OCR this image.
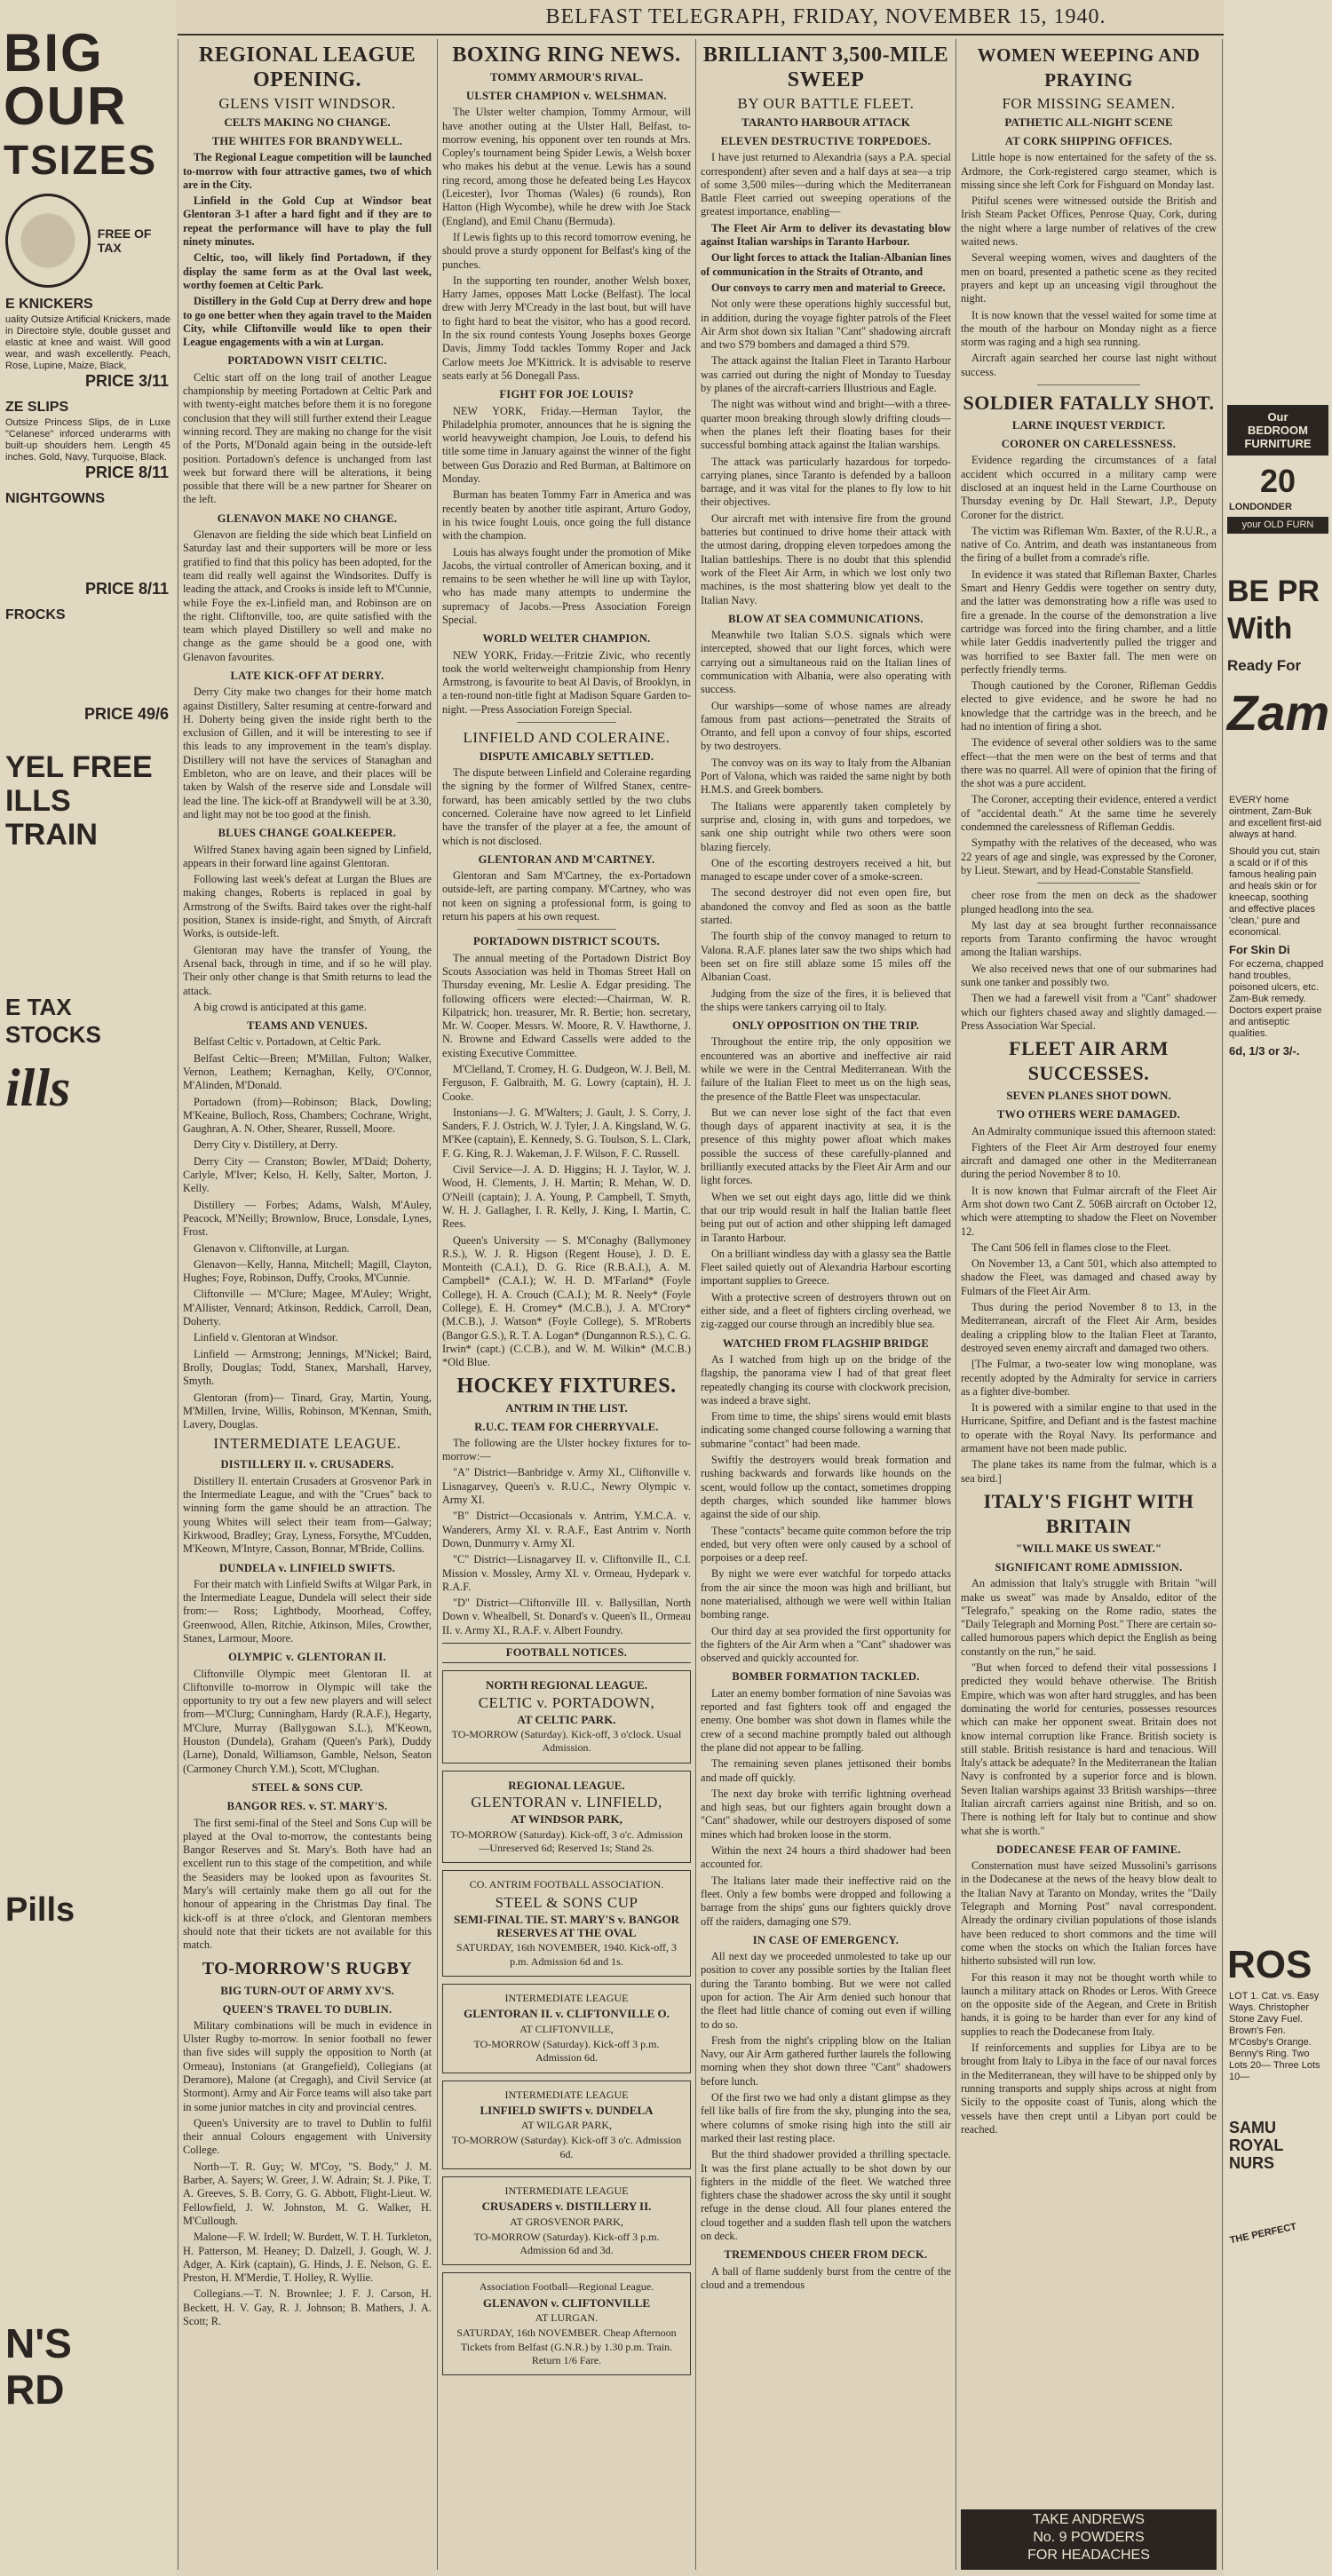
BIG
OUR
TSIZES
FREE OF TAX
E KNICKERS
uality Outsize Artificial Knickers, made in Directoire style, double gusset and elastic at knee and waist. Will good wear, and wash excellently. Peach, Rose, Lupine, Maize, Black,
PRICE 3/11
ZE SLIPS
Outsize Princess Slips, de in Luxe "Celanese" inforced underarms with built-up shoulders hem. Length 45 inches. Gold, Navy, Turquoise, Black.
PRICE 8/11
NIGHTGOWNS
PRICE 8/11
FROCKS
PRICE 49/6
YEL FREE
ILLS
TRAIN
E TAX
STOCKS
ills
Pills
N'S
RD
BELFAST TELEGRAPH, FRIDAY, NOVEMBER 15, 1940.
REGIONAL LEAGUE OPENING.
GLENS VISIT WINDSOR.
CELTS MAKING NO CHANGE.
THE WHITES FOR BRANDYWELL.

The Regional League competition will be launched to-morrow with four attractive games, two of which are in the City.

Linfield in the Gold Cup at Windsor beat Glentoran 3-1 after a hard fight and if they are to repeat the performance will have to play the full ninety minutes.

Celtic, too, will likely find Portadown, if they display the same form as at the Oval last week, worthy foemen at Celtic Park.

Distillery in the Gold Cup at Derry drew and hope to go one better when they again travel to the Maiden City, while Cliftonville would like to open their League engagements with a win at Lurgan.

PORTADOWN VISIT CELTIC.

Celtic start off on the long trail of another League championship by meeting Portadown at Celtic Park and with twenty-eight matches before them it is no foregone conclusion that they will still further extend their League winning record. They are making no change for the visit of the Ports, M'Donald again being in the outside-left position. Portadown's defence is unchanged from last week but forward there will be alterations, it being possible that there will be a new partner for Shearer on the left.

GLENAVON MAKE NO CHANGE.

Glenavon are fielding the side which beat Linfield on Saturday last and their supporters will be more or less gratified to find that this policy has been adopted, for the team did really well against the Windsorites. Duffy is leading the attack, and Crooks is inside left to M'Cunnie, while Foye the ex-Linfield man, and Robinson are on the right. Cliftonville, too, are quite satisfied with the team which played Distillery so well and make no change as the game should be a good one, with Glenavon favourites.

LATE KICK-OFF AT DERRY.

Derry City make two changes for their home match against Distillery, Salter resuming at centre-forward and H. Doherty being given the inside right berth to the exclusion of Gillen, and it will be interesting to see if this leads to any improvement in the team's display. Distillery will not have the services of Stanaghan and Embleton, who are on leave, and their places will be taken by Walsh of the reserve side and Lonsdale will lead the line. The kick-off at Brandywell will be at 3.30, and light may not be too good at the finish.

BLUES CHANGE GOALKEEPER.

Wilfred Stanex having again been signed by Linfield, appears in their forward line against Glentoran.

Following last week's defeat at Lurgan the Blues are making changes, Roberts is replaced in goal by Armstrong of the Swifts. Baird takes over the right-half position, Stanex is inside-right, and Smyth, of Aircraft Works, is outside-left.

Glentoran may have the transfer of Young, the Arsenal back, through in time, and if so he will play. Their only other change is that Smith returns to lead the attack.

A big crowd is anticipated at this game.

TEAMS AND VENUES.

Belfast Celtic v. Portadown, at Celtic Park.

Belfast Celtic—Breen; M'Millan, Fulton; Walker, Vernon, Leathem; Kernaghan, Kelly, O'Connor, M'Alinden, M'Donald.

Portadown (from)—Robinson; Black, Dowling; M'Keaine, Bulloch, Ross, Chambers; Cochrane, Wright, Gaughran, A. N. Other, Shearer, Russell, Moore.

Derry City v. Distillery, at Derry.

Derry City — Cranston; Bowler, M'Daid; Doherty, Carlyle, M'Iver; Kelso, H. Kelly, Salter, Morton, J. Kelly.

Distillery — Forbes; Adams, Walsh, M'Auley, Peacock, M'Neilly; Brownlow, Bruce, Lonsdale, Lynes, Frost.

Glenavon v. Cliftonville, at Lurgan.

Glenavon—Kelly, Hanna, Mitchell; Magill, Clayton, Hughes; Foye, Robinson, Duffy, Crooks, M'Cunnie.

Cliftonville — M'Clure; Magee, M'Auley; Wright, M'Allister, Vennard; Atkinson, Reddick, Carroll, Dean, Doherty.

Linfield v. Glentoran at Windsor.

Linfield — Armstrong; Jennings, M'Nickel; Baird, Brolly, Douglas; Todd, Stanex, Marshall, Harvey, Smyth.

Glentoran (from)— Tinard, Gray, Martin, Young, M'Millen, Irvine, Willis, Robinson, M'Kennan, Smith, Lavery, Douglas.

INTERMEDIATE LEAGUE.
DISTILLERY II. v. CRUSADERS.

Distillery II. entertain Crusaders at Grosvenor Park in the Intermediate League, and with the "Crues" back to winning form the game should be an attraction. The young Whites will select their team from—Galway; Kirkwood, Bradley; Gray, Lyness, Forsythe, M'Cudden, M'Keown, M'Intyre, Casson, Bonnar, M'Bride, Collins.

DUNDELA v. LINFIELD SWIFTS.

For their match with Linfield Swifts at Wilgar Park, in the Intermediate League, Dundela will select their side from:— Ross; Lightbody, Moorhead, Coffey, Greenwood, Allen, Ritchie, Atkinson, Miles, Crowther, Stanex, Larmour, Moore.

OLYMPIC v. GLENTORAN II.

Cliftonville Olympic meet Glentoran II. at Cliftonville to-morrow in Olympic will take the opportunity to try out a few new players and will select from—M'Clurg; Cunningham, Hardy (R.A.F.), Hegarty, M'Clure, Murray (Ballygowan S.L.), M'Keown, Houston (Dundela), Graham (Queen's Park), Duddy (Larne), Donald, Williamson, Gamble, Nelson, Seaton (Carmoney Church Y.M.), Scott, M'Clughan.

STEEL & SONS CUP.
BANGOR RES. v. ST. MARY'S.

The first semi-final of the Steel and Sons Cup will be played at the Oval to-morrow, the contestants being Bangor Reserves and St. Mary's. Both have had an excellent run to this stage of the competition, and while the Seasiders may be looked upon as favourites St. Mary's will certainly make them go all out for the honour of appearing in the Christmas Day final. The kick-off is at three o'clock, and Glentoran members should note that their tickets are not available for this match.

TO-MORROW'S RUGBY
BIG TURN-OUT OF ARMY XV'S.
QUEEN'S TRAVEL TO DUBLIN.

Military combinations will be much in evidence in Ulster Rugby to-morrow. In senior football no fewer than five sides will supply the opposition to North (at Ormeau), Instonians (at Grangefield), Collegians (at Deramore), Malone (at Cregagh), and Civil Service (at Stormont). Army and Air Force teams will also take part in some junior matches in city and provincial centres.

Queen's University are to travel to Dublin to fulfil their annual Colours engagement with University College.

North—T. R. Guy; W. M'Coy, "S. Body," J. M. Barber, A. Sayers; W. Greer, J. W. Adrain; St. J. Pike, T. A. Greeves, S. B. Corry, G. G. Abbott, Flight-Lieut. W. Fellowfield, J. W. Johnston, M. G. Walker, H. M'Cullough.

Malone—F. W. Irdell; W. Burdett, W. T. H. Turkleton, H. Patterson, M. Heaney; D. Dalzell, J. Gough, W. J. Adger, A. Kirk (captain), G. Hinds, J. E. Nelson, G. E. Preston, H. M'Merdie, T. Holley, R. Wyllie.

Collegians.—T. N. Brownlee; J. F. J. Carson, H. Beckett, H. V. Gay, R. J. Johnson; B. Mathers, J. A. Scott; R.

BOXING RING NEWS.
TOMMY ARMOUR'S RIVAL.
ULSTER CHAMPION v. WELSHMAN.

The Ulster welter champion, Tommy Armour, will have another outing at the Ulster Hall, Belfast, to-morrow evening, his opponent over ten rounds at Mrs. Copley's tournament being Spider Lewis, a Welsh boxer who makes his debut at the venue. Lewis has a sound ring record, among those he defeated being Les Haycox (Leicester), Ivor Thomas (Wales) (6 rounds), Ron Hatton (High Wycombe), while he drew with Joe Stack (England), and Emil Chanu (Bermuda).

If Lewis fights up to this record tomorrow evening, he should prove a sturdy opponent for Belfast's king of the punches.

In the supporting ten rounder, another Welsh boxer, Harry James, opposes Matt Locke (Belfast). The local drew with Jerry M'Cready in the last bout, but will have to fight hard to beat the visitor, who has a good record. In the six round contests Young Josephs boxes George Davis, Jimmy Todd tackles Tommy Roper and Jack Carlow meets Joe M'Kittrick. It is advisable to reserve seats early at 56 Donegall Pass.

FIGHT FOR JOE LOUIS?

NEW YORK, Friday.—Herman Taylor, the Philadelphia promoter, announces that he is signing the world heavyweight champion, Joe Louis, to defend his title some time in January against the winner of the fight between Gus Dorazio and Red Burman, at Baltimore on Monday.

Burman has beaten Tommy Farr in America and was recently beaten by another title aspirant, Arturo Godoy, in his twice fought Louis, once going the full distance with the champion.

Louis has always fought under the promotion of Mike Jacobs, the virtual controller of American boxing, and it remains to be seen whether he will line up with Taylor, who has made many attempts to undermine the supremacy of Jacobs.—Press Association Foreign Special.

WORLD WELTER CHAMPION.

NEW YORK, Friday.—Fritzie Zivic, who recently took the world welterweight championship from Henry Armstrong, is favourite to beat Al Davis, of Brooklyn, in a ten-round non-title fight at Madison Square Garden to-night. —Press Association Foreign Special.

LINFIELD AND COLERAINE.
DISPUTE AMICABLY SETTLED.

The dispute between Linfield and Coleraine regarding the signing by the former of Wilfred Stanex, centre-forward, has been amicably settled by the two clubs concerned. Coleraine have now agreed to let Linfield have the transfer of the player at a fee, the amount of which is not disclosed.

GLENTORAN AND M'CARTNEY.

Glentoran and Sam M'Cartney, the ex-Portadown outside-left, are parting company. M'Cartney, who was not keen on signing a professional form, is going to return his papers at his own request.

PORTADOWN DISTRICT SCOUTS.

The annual meeting of the Portadown District Boy Scouts Association was held in Thomas Street Hall on Thursday evening, Mr. Leslie A. Edgar presiding. The following officers were elected:—Chairman, W. R. Kilpatrick; hon. treasurer, Mr. R. Bertie; hon. secretary, Mr. W. Cooper. Messrs. W. Moore, R. V. Hawthorne, J. N. Browne and Edward Cassells were added to the existing Executive Committee.

M'Clelland, T. Cromey, H. G. Dudgeon, W. J. Bell, M. Ferguson, F. Galbraith, M. G. Lowry (captain), H. J. Cooke.

Instonians—J. G. M'Walters; J. Gault, J. S. Corry, J. Sanders, F. J. Ostrich, W. J. Tyler, J. A. Kingsland, W. G. M'Kee (captain), E. Kennedy, S. G. Toulson, S. L. Clark, F. G. King, R. J. Wakeman, J. F. Wilson, F. C. Russell.

Civil Service—J. A. D. Higgins; H. J. Taylor, W. J. Wood, H. Clements, J. H. Martin; R. Mehan, W. D. O'Neill (captain); J. A. Young, P. Campbell, T. Smyth, W. H. J. Gallagher, I. R. Kelly, J. King, I. Martin, C. Rees.

Queen's University — S. M'Conaghy (Ballymoney R.S.), W. J. R. Higson (Regent House), J. D. E. Monteith (C.A.I.), D. G. Rice (R.B.A.I.), A. M. Campbell* (C.A.I.); W. H. D. M'Farland* (Foyle College), H. A. Crouch (C.A.I.); M. R. Neely* (Foyle College), E. H. Cromey* (M.C.B.), J. A. M'Crory* (M.C.B.), J. Watson* (Foyle College), S. M'Roberts (Bangor G.S.), R. T. A. Logan* (Dungannon R.S.), C. G. Irwin* (capt.) (C.C.B.), and W. M. Wilkin* (M.C.B.) *Old Blue.

HOCKEY FIXTURES.
ANTRIM IN THE LIST.
R.U.C. TEAM FOR CHERRYVALE.

The following are the Ulster hockey fixtures for to-morrow:—

"A" District—Banbridge v. Army XI., Cliftonville v. Lisnagarvey, Queen's v. R.U.C., Newry Olympic v. Army XI.

"B" District—Occasionals v. Antrim, Y.M.C.A. v. Wanderers, Army XI. v. R.A.F., East Antrim v. North Down, Dunmurry v. Army XI.

"C" District—Lisnagarvey II. v. Cliftonville II., C.I. Mission v. Mossley, Army XI. v. Ormeau, Hydepark v. R.A.F.

"D" District—Cliftonville III. v. Ballysillan, North Down v. Whealbell, St. Donard's v. Queen's II., Ormeau II. v. Army XI., R.A.F. v. Albert Foundry.

FOOTBALL NOTICES.
NORTH REGIONAL LEAGUE.
CELTIC v. PORTADOWN,
AT CELTIC PARK.
TO-MORROW (Saturday). Kick-off, 3 o'clock. Usual Admission.
REGIONAL LEAGUE.
GLENTORAN v. LINFIELD,
AT WINDSOR PARK,
TO-MORROW (Saturday). Kick-off, 3 o'c. Admission—Unreserved 6d; Reserved 1s; Stand 2s.
CO. ANTRIM FOOTBALL ASSOCIATION.
STEEL & SONS CUP
SEMI-FINAL TIE. ST. MARY'S v. BANGOR RESERVES AT THE OVAL
SATURDAY, 16th NOVEMBER, 1940. Kick-off, 3 p.m. Admission 6d and 1s.
INTERMEDIATE LEAGUE
GLENTORAN II. v. CLIFTONVILLE O.
AT CLIFTONVILLE,
TO-MORROW (Saturday). Kick-off 3 p.m. Admission 6d.
INTERMEDIATE LEAGUE
LINFIELD SWIFTS v. DUNDELA
AT WILGAR PARK,
TO-MORROW (Saturday). Kick-off 3 o'c. Admission 6d.
INTERMEDIATE LEAGUE
CRUSADERS v. DISTILLERY II.
AT GROSVENOR PARK,
TO-MORROW (Saturday). Kick-off 3 p.m. Admission 6d and 3d.
Association Football—Regional League.
GLENAVON v. CLIFTONVILLE
AT LURGAN.
SATURDAY, 16th NOVEMBER. Cheap Afternoon Tickets from Belfast (G.N.R.) by 1.30 p.m. Train. Return 1/6 Fare.
BRILLIANT 3,500-MILE SWEEP
BY OUR BATTLE FLEET.
TARANTO HARBOUR ATTACK
ELEVEN DESTRUCTIVE TORPEDOES.

I have just returned to Alexandria (says a P.A. special correspondent) after seven and a half days at sea—a trip of some 3,500 miles—during which the Mediterranean Battle Fleet carried out sweeping operations of the greatest importance, enabling—

The Fleet Air Arm to deliver its devastating blow against Italian warships in Taranto Harbour.

Our light forces to attack the Italian-Albanian lines of communication in the Straits of Otranto, and

Our convoys to carry men and material to Greece.

Not only were these operations highly successful but, in addition, during the voyage fighter patrols of the Fleet Air Arm shot down six Italian "Cant" shadowing aircraft and two S79 bombers and damaged a third S79.

The attack against the Italian Fleet in Taranto Harbour was carried out during the night of Monday to Tuesday by planes of the aircraft-carriers Illustrious and Eagle.

The night was without wind and bright—with a three-quarter moon breaking through slowly drifting clouds—when the planes left their floating bases for their successful bombing attack against the Italian warships.

The attack was particularly hazardous for torpedo-carrying planes, since Taranto is defended by a balloon barrage, and it was vital for the planes to fly low to hit their objectives.

Our aircraft met with intensive fire from the ground batteries but continued to drive home their attack with the utmost daring, dropping eleven torpedoes among the Italian battleships. There is no doubt that this splendid work of the Fleet Air Arm, in which we lost only two machines, is the most shattering blow yet dealt to the Italian Navy.

BLOW AT SEA COMMUNICATIONS.

Meanwhile two Italian S.O.S. signals which were intercepted, showed that our light forces, which were carrying out a simultaneous raid on the Italian lines of communication with Albania, were also operating with success.

Our warships—some of whose names are already famous from past actions—penetrated the Straits of Otranto, and fell upon a convoy of four ships, escorted by two destroyers.

The convoy was on its way to Italy from the Albanian Port of Valona, which was raided the same night by both H.M.S. and Greek bombers.

The Italians were apparently taken completely by surprise and, closing in, with guns and torpedoes, we sank one ship outright while two others were soon blazing fiercely.

One of the escorting destroyers received a hit, but managed to escape under cover of a smoke-screen.

The second destroyer did not even open fire, but abandoned the convoy and fled as soon as the battle started.

The fourth ship of the convoy managed to return to Valona. R.A.F. planes later saw the two ships which had been set on fire still ablaze some 15 miles off the Albanian Coast.

Judging from the size of the fires, it is believed that the ships were tankers carrying oil to Italy.

ONLY OPPOSITION ON THE TRIP.

Throughout the entire trip, the only opposition we encountered was an abortive and ineffective air raid while we were in the Central Mediterranean. With the failure of the Italian Fleet to meet us on the high seas, the presence of the Battle Fleet was unspectacular.

But we can never lose sight of the fact that even though days of apparent inactivity at sea, it is the presence of this mighty power afloat which makes possible the success of these carefully-planned and brilliantly executed attacks by the Fleet Air Arm and our light forces.

When we set out eight days ago, little did we think that our trip would result in half the Italian battle fleet being put out of action and other shipping left damaged in Taranto Harbour.

On a brilliant windless day with a glassy sea the Battle Fleet sailed quietly out of Alexandria Harbour escorting important supplies to Greece.

With a protective screen of destroyers thrown out on either side, and a fleet of fighters circling overhead, we zig-zagged our course through an incredibly blue sea.

WATCHED FROM FLAGSHIP BRIDGE

As I watched from high up on the bridge of the flagship, the panorama view I had of that great fleet repeatedly changing its course with clockwork precision, was indeed a brave sight.

From time to time, the ships' sirens would emit blasts indicating some changed course following a warning that submarine "contact" had been made.

Swiftly the destroyers would break formation and rushing backwards and forwards like hounds on the scent, would follow up the contact, sometimes dropping depth charges, which sounded like hammer blows against the side of our ship.

These "contacts" became quite common before the trip ended, but very often were only caused by a school of porpoises or a deep reef.

By night we were ever watchful for torpedo attacks from the air since the moon was high and brilliant, but none materialised, although we were well within Italian bombing range.

Our third day at sea provided the first opportunity for the fighters of the Air Arm when a "Cant" shadower was observed and quickly accounted for.

BOMBER FORMATION TACKLED.

Later an enemy bomber formation of nine Savoias was reported and fast fighters took off and engaged the enemy. One bomber was shot down in flames while the crew of a second machine promptly baled out although the plane did not appear to be falling.

The remaining seven planes jettisoned their bombs and made off quickly.

The next day broke with terrific lightning overhead and high seas, but our fighters again brought down a "Cant" shadower, while our destroyers disposed of some mines which had broken loose in the storm.

Within the next 24 hours a third shadower had been accounted for.

The Italians later made their ineffective raid on the fleet. Only a few bombs were dropped and following a barrage from the ships' guns our fighters quickly drove off the raiders, damaging one S79.

IN CASE OF EMERGENCY.

All next day we proceeded unmolested to take up our position to cover any possible sorties by the Italian fleet during the Taranto bombing. But we were not called upon for action. The Air Arm denied such honour that the fleet had little chance of coming out even if willing to do so.

Fresh from the night's crippling blow on the Italian Navy, our Air Arm gathered further laurels the following morning when they shot down three "Cant" shadowers before lunch.

Of the first two we had only a distant glimpse as they fell like balls of fire from the sky, plunging into the sea, where columns of smoke rising high into the still air marked their last resting place.

But the third shadower provided a thrilling spectacle. It was the first plane actually to be shot down by our fighters in the middle of the fleet. We watched three fighters chase the shadower across the sky until it sought refuge in the dense cloud. All four planes entered the cloud together and a sudden flash tell upon the watchers on deck.

TREMENDOUS CHEER FROM DECK.

A ball of flame suddenly burst from the centre of the cloud and a tremendous

WOMEN WEEPING AND PRAYING
FOR MISSING SEAMEN.
PATHETIC ALL-NIGHT SCENE
AT CORK SHIPPING OFFICES.

Little hope is now entertained for the safety of the ss. Ardmore, the Cork-registered cargo steamer, which is missing since she left Cork for Fishguard on Monday last.

Pitiful scenes were witnessed outside the British and Irish Steam Packet Offices, Penrose Quay, Cork, during the night where a large number of relatives of the crew waited news.

Several weeping women, wives and daughters of the men on board, presented a pathetic scene as they recited prayers and kept up an unceasing vigil throughout the night.

It is now known that the vessel waited for some time at the mouth of the harbour on Monday night as a fierce storm was raging and a high sea running.

Aircraft again searched her course last night without success.

SOLDIER FATALLY SHOT.
LARNE INQUEST VERDICT.
CORONER ON CARELESSNESS.

Evidence regarding the circumstances of a fatal accident which occurred in a military camp were disclosed at an inquest held in the Larne Courthouse on Thursday evening by Dr. Hall Stewart, J.P., Deputy Coroner for the district.

The victim was Rifleman Wm. Baxter, of the R.U.R., a native of Co. Antrim, and death was instantaneous from the firing of a bullet from a comrade's rifle.

In evidence it was stated that Rifleman Baxter, Charles Smart and Henry Geddis were together on sentry duty, and the latter was demonstrating how a rifle was used to fire a grenade. In the course of the demonstration a live cartridge was forced into the firing chamber, and a little while later Geddis inadvertently pulled the trigger and was horrified to see Baxter fall. The men were on perfectly friendly terms.

Though cautioned by the Coroner, Rifleman Geddis elected to give evidence, and he swore he had no knowledge that the cartridge was in the breech, and he had no intention of firing a shot.

The evidence of several other soldiers was to the same effect—that the men were on the best of terms and that there was no quarrel. All were of opinion that the firing of the shot was a pure accident.

The Coroner, accepting their evidence, entered a verdict of "accidental death." At the same time he severely condemned the carelessness of Rifleman Geddis.

Sympathy with the relatives of the deceased, who was 22 years of age and single, was expressed by the Coroner, by Lieut. Stewart, and by Head-Constable Stansfield.

cheer rose from the men on deck as the shadower plunged headlong into the sea.

My last day at sea brought further reconnaissance reports from Taranto confirming the havoc wrought among the Italian warships.

We also received news that one of our submarines had sunk one tanker and possibly two.

Then we had a farewell visit from a "Cant" shadower which our fighters chased away and slightly damaged.—Press Association War Special.

FLEET AIR ARM SUCCESSES.
SEVEN PLANES SHOT DOWN.
TWO OTHERS WERE DAMAGED.

An Admiralty communique issued this afternoon stated:

Fighters of the Fleet Air Arm destroyed four enemy aircraft and damaged one other in the Mediterranean during the period November 8 to 10.

It is now known that Fulmar aircraft of the Fleet Air Arm shot down two Cant Z. 506B aircraft on October 12, which were attempting to shadow the Fleet on November 12.

The Cant 506 fell in flames close to the Fleet.

On November 13, a Cant 501, which also attempted to shadow the Fleet, was damaged and chased away by Fulmars of the Fleet Air Arm.

Thus during the period November 8 to 13, in the Mediterranean, aircraft of the Fleet Air Arm, besides dealing a crippling blow to the Italian Fleet at Taranto, destroyed seven enemy aircraft and damaged two others.

[The Fulmar, a two-seater low wing monoplane, was recently adopted by the Admiralty for service in carriers as a fighter dive-bomber.

It is powered with a similar engine to that used in the Hurricane, Spitfire, and Defiant and is the fastest machine to operate with the Royal Navy. Its performance and armament have not been made public.

The plane takes its name from the fulmar, which is a sea bird.]

ITALY'S FIGHT WITH BRITAIN
"WILL MAKE US SWEAT."
SIGNIFICANT ROME ADMISSION.

An admission that Italy's struggle with Britain "will make us sweat" was made by Ansaldo, editor of the "Telegrafo," speaking on the Rome radio, states the "Daily Telegraph and Morning Post." There are certain so-called humorous papers which depict the English as being constantly on the run," he said.

"But when forced to defend their vital possessions I predicted they would behave otherwise. The British Empire, which was won after hard struggles, and has been dominating the world for centuries, possesses resources which can make her opponent sweat. Britain does not know internal corruption like France. British society is still stable. British resistance is hard and tenacious. Will Italy's attack be adequate? In the Mediterranean the Italian Navy is confronted by a superior force and is blown. Seven Italian warships against 33 British warships—three Italian aircraft carriers against nine British, and so on. There is nothing left for Italy but to continue and show what she is worth."

DODECANESE FEAR OF FAMINE.

Consternation must have seized Mussolini's garrisons in the Dodecanese at the news of the heavy blow dealt to the Italian Navy at Taranto on Monday, writes the "Daily Telegraph and Morning Post" naval correspondent. Already the ordinary civilian populations of those islands have been reduced to short commons and the time will come when the stocks on which the Italian forces have hitherto subsisted will run low.

For this reason it may not be thought worth while to launch a military attack on Rhodes or Leros. With Greece on the opposite side of the Aegean, and Crete in British hands, it is going to be harder than ever for any kind of supplies to reach the Dodecanese from Italy.

If reinforcements and supplies for Libya are to be brought from Italy to Libya in the face of our naval forces in the Mediterranean, they will have to be shipped only by running transports and supply ships across at night from Sicily to the opposite coast of Tunis, along which the vessels have then crept until a Libyan port could be reached.

Our
BEDROOM
FURNITURE
20
LONDONDER
your OLD FURN
BE PR
With
Ready For
Zam
EVERY home ointment, Zam-Buk and excellent first-aid always at hand.
Should you cut, stain a scald or if of this famous healing pain and heals skin or for kneecap, soothing and effective places 'clean,' pure and economical.
For Skin Di
For eczema, chapped hand troubles, poisoned ulcers, etc. Zam-Buk remedy. Doctors expert praise and antiseptic qualities.
6d, 1/3 or 3/-.
ROS
LOT 1. Cat. vs. Easy Ways. Christopher Stone Zavy Fuel. Brown's Fen. M'Cosby's Orange. Benny's Ring. Two Lots 20— Three Lots 10—
SAMU ROYAL NURS
THE PERFECT
TAKE ANDREWS
No. 9 POWDERS
FOR HEADACHES
